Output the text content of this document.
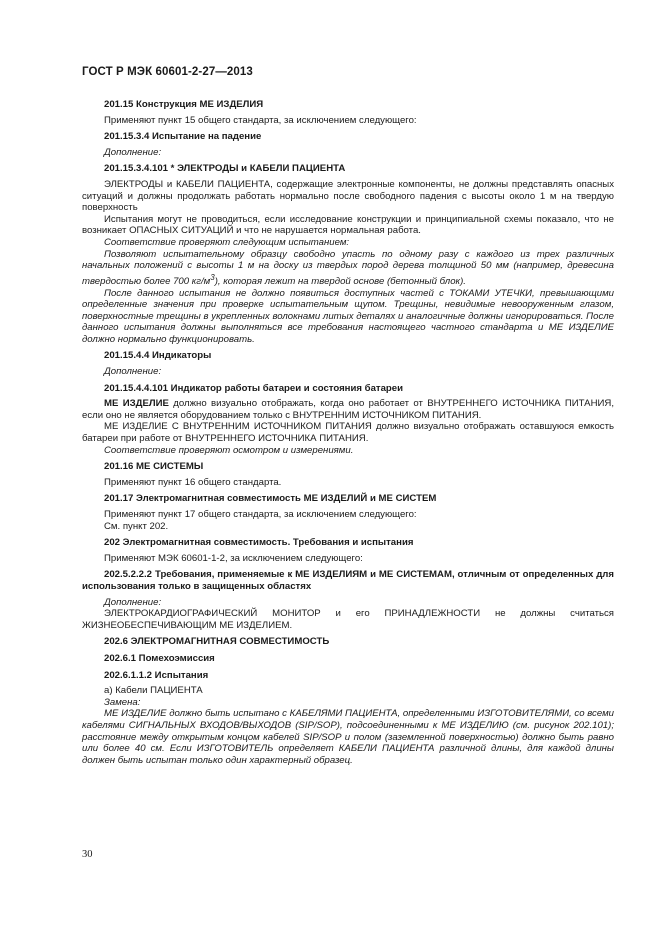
ГОСТ Р МЭК 60601-2-27—2013
201.15 Конструкция МЕ ИЗДЕЛИЯ

Применяют пункт 15 общего стандарта, за исключением следующего:

201.15.3.4 Испытание на падение

Дополнение:

201.15.3.4.101 * ЭЛЕКТРОДЫ и КАБЕЛИ ПАЦИЕНТА

ЭЛЕКТРОДЫ и КАБЕЛИ ПАЦИЕНТА, содержащие электронные компоненты, не должны представлять опасных ситуаций и должны продолжать работать нормально после свободного падения с высоты около 1 м на твердую поверхность

Испытания могут не проводиться, если исследование конструкции и принципиальной схемы показало, что не возникает ОПАСНЫХ СИТУАЦИЙ и что не нарушается нормальная работа.

Соответствие проверяют следующим испытанием:

Позволяют испытательному образцу свободно упасть по одному разу с каждого из трех различных начальных положений с высоты 1 м на доску из твердых пород дерева толщиной 50 мм (например, древесина твердостью более 700 $кг/м^3$), которая лежит на твердой основе (бетонный блок).

После данного испытания не должно появиться доступных частей с ТОКАМИ УТЕЧКИ, превышающими определенные значения при проверке испытательным щупом. Трещины, невидимые невооруженным глазом, поверхностные трещины в укрепленных волокнами литых деталях и аналогичные должны игнорироваться. После данного испытания должны выполняться все требования настоящего частного стандарта и МЕ ИЗДЕЛИЕ должно нормально функционировать.

201.15.4.4 Индикаторы

Дополнение:

201.15.4.4.101 Индикатор работы батареи и состояния батареи

МЕ ИЗДЕЛИЕ должно визуально отображать, когда оно работает от ВНУТРЕННЕГО ИСТОЧНИКА ПИТАНИЯ, если оно не является оборудованием только с ВНУТРЕННИМ ИСТОЧНИКОМ ПИТАНИЯ.

МЕ ИЗДЕЛИЕ С ВНУТРЕННИМ ИСТОЧНИКОМ ПИТАНИЯ должно визуально отображать оставшуюся емкость батареи при работе от ВНУТРЕННЕГО ИСТОЧНИКА ПИТАНИЯ.

Соответствие проверяют осмотром и измерениями.

201.16 МЕ СИСТЕМЫ

Применяют пункт 16 общего стандарта.

201.17 Электромагнитная совместимость МЕ ИЗДЕЛИЙ и МЕ СИСТЕМ

Применяют пункт 17 общего стандарта, за исключением следующего:

См. пункт 202.

202 Электромагнитная совместимость. Требования и испытания

Применяют МЭК 60601-1-2, за исключением следующего:

202.5.2.2.2 Требования, применяемые к МЕ ИЗДЕЛИЯМ и МЕ СИСТЕМАМ, отличным от определенных для использования только в защищенных областях

Дополнение:

ЭЛЕКТРОКАРДИОГРАФИЧЕСКИЙ МОНИТОР и его ПРИНАДЛЕЖНОСТИ не должны считаться ЖИЗНЕОБЕСПЕЧИВАЮЩИМ МЕ ИЗДЕЛИЕМ.

202.6 ЭЛЕКТРОМАГНИТНАЯ СОВМЕСТИМОСТЬ
202.6.1 Помехоэмиссия
202.6.1.1.2 Испытания

a) Кабели ПАЦИЕНТА

Замена:

МЕ ИЗДЕЛИЕ должно быть испытано с КАБЕЛЯМИ ПАЦИЕНТА, определенными ИЗГОТОВИТЕЛЯМИ, со всеми кабелями СИГНАЛЬНЫХ ВХОДОВ/ВЫХОДОВ (SIP/SOP), подсоединенными к МЕ ИЗДЕЛИЮ (см. рисунок 202.101); расстояние между открытым концом кабелей SIP/SOP и полом (заземленной поверхностью) должно быть равно или более 40 см. Если ИЗГОТОВИТЕЛЬ определяет КАБЕЛИ ПАЦИЕНТА различной длины, для каждой длины должен быть испытан только один характерный образец.

30
